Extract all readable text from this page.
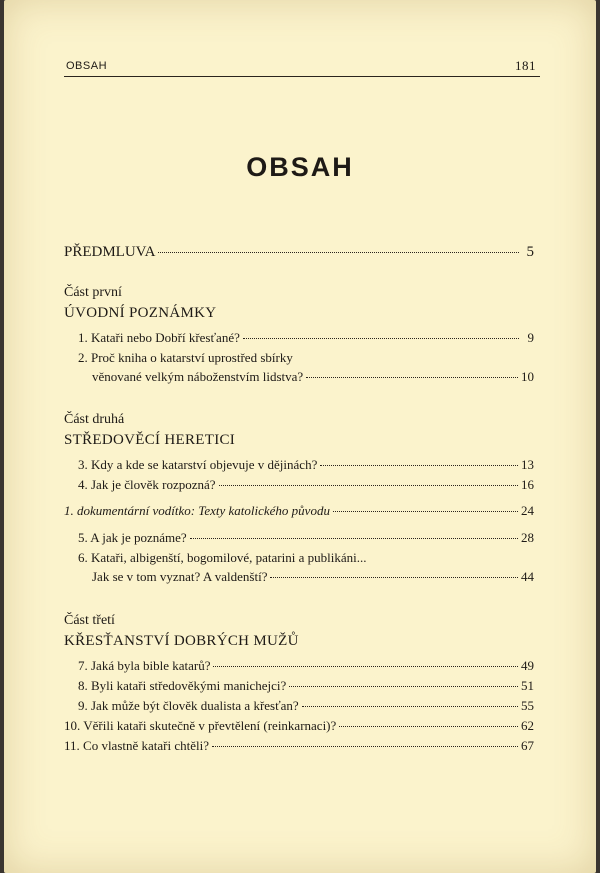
OBSAH	181
OBSAH
PŘEDMLUVA	5
Část první
ÚVODNÍ POZNÁMKY
1. Kataři nebo Dobří křesťané?	9
2. Proč kniha o katarství uprostřed sbírky
věnované velkým náboženstvím lidstva?	10
Část druhá
STŘEDOVĚCÍ HERETICI
3. Kdy a kde se katarství objevuje v dějinách?	13
4. Jak je člověk rozpozná?	16
1. dokumentární vodítko: Texty katolického původu	24
5. A jak je poznáme?	28
6. Kataři, albigenští, bogomilové, patarini a publikáni...
Jak se v tom vyznat? A valdenští?	44
Část třetí
KŘESŤANSTVÍ DOBRÝCH MUŽŮ
7. Jaká byla bible katarů?	49
8. Byli kataři středověkými manichejci?	51
9. Jak může být člověk dualista a křesťan?	55
10. Věřili kataři skutečně v převtělení (reinkarnaci)?	62
11. Co vlastně kataři chtěli?	67
